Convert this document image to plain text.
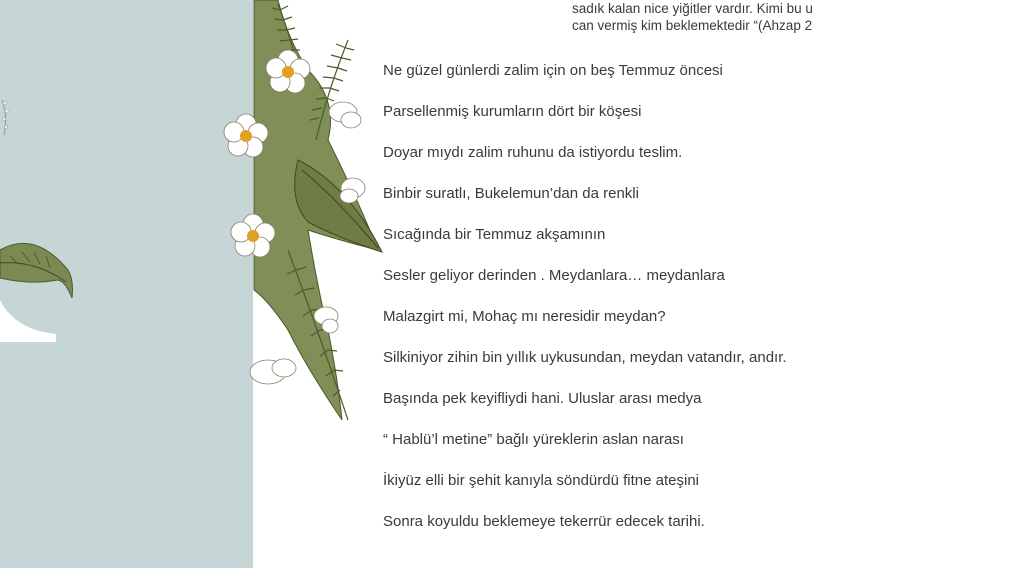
sadık kalan nice yiğitler vardır. Kimi bu u
can vermiş kim beklemektedir “(Ahzap 2
Ne güzel günlerdi zalim için on beş Temmuz öncesi
Parsellenmiş kurumların dört bir köşesi
Doyar mıydı zalim ruhunu da istiyordu teslim.
Binbir suratlı, Bukelemun’dan da renkli
Sıcağında bir Temmuz akşamının
Sesler geliyor derinden . Meydanlara… meydanlara
Malazgirt mi, Mohaç mı neresidir meydan?
Silkiniyor zihin bin yıllık uykusundan, meydan vatandır, andır.
Başında pek keyifliydi hani. Uluslar arası medya
“ Hablü’l metine” bağlı yüreklerin aslan narası
İkiyüz elli bir şehit kanıyla söndürdü fitne ateşini
Sonra koyuldu beklemeye tekerrür edecek tarihi.
